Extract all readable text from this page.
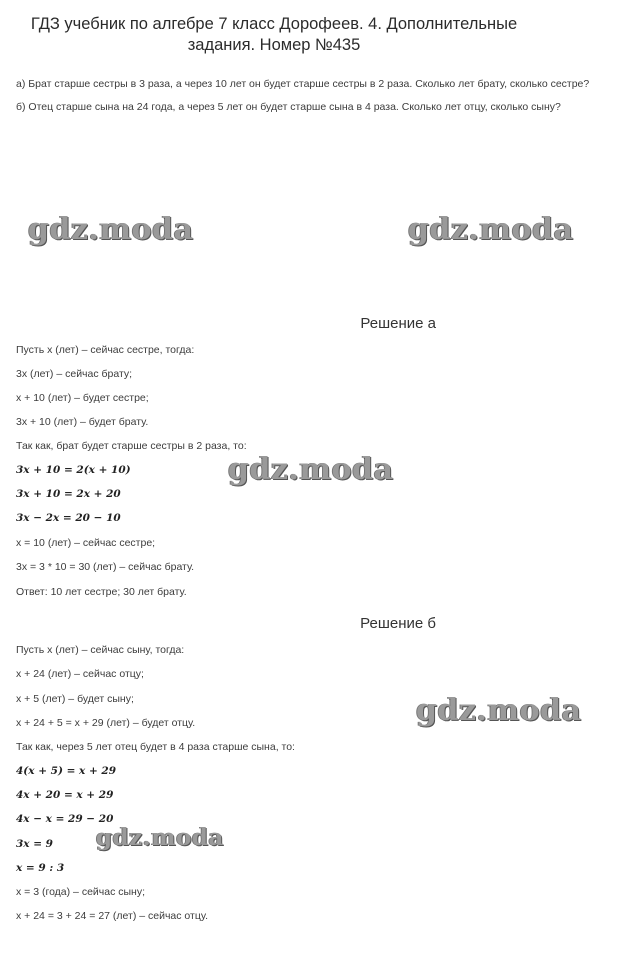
ГДЗ учебник по алгебре 7 класс Дорофеев. 4. Дополнительные задания. Номер №435
а) Брат старше сестры в 3 раза, а через 10 лет он будет старше сестры в 2 раза. Сколько лет брату, сколько сестре?
б) Отец старше сына на 24 года, а через 5 лет он будет старше сына в 4 раза. Сколько лет отцу, сколько сыну?
gdz.moda	gdz.moda
Решение а
Пусть x (лет) – сейчас сестре, тогда:
3x (лет) – сейчас брату;
x + 10 (лет) – будет сестре;
3x + 10 (лет) – будет брату.
Так как, брат будет старше сестры в 2 раза, то:
3x + 10 = 2(x + 10)
3x + 10 = 2x + 20
3x − 2x = 20 − 10
x = 10 (лет) – сейчас сестре;
3x = 3 * 10 = 30 (лет) – сейчас брату.
Ответ: 10 лет сестре; 30 лет брату.
gdz.moda
Решение б
Пусть x (лет) – сейчас сыну, тогда:
x + 24 (лет) – сейчас отцу;
x + 5 (лет) – будет сыну;
x + 24 + 5 = x + 29 (лет) – будет отцу.
Так как, через 5 лет отец будет в 4 раза старше сына, то:
4(x + 5) = x + 29
4x + 20 = x + 29
4x − x = 29 − 20
3x = 9
x = 9 : 3
x = 3 (года) – сейчас сыну;
x + 24 = 3 + 24 = 27 (лет) – сейчас отцу.
gdz.moda
gdz.moda
